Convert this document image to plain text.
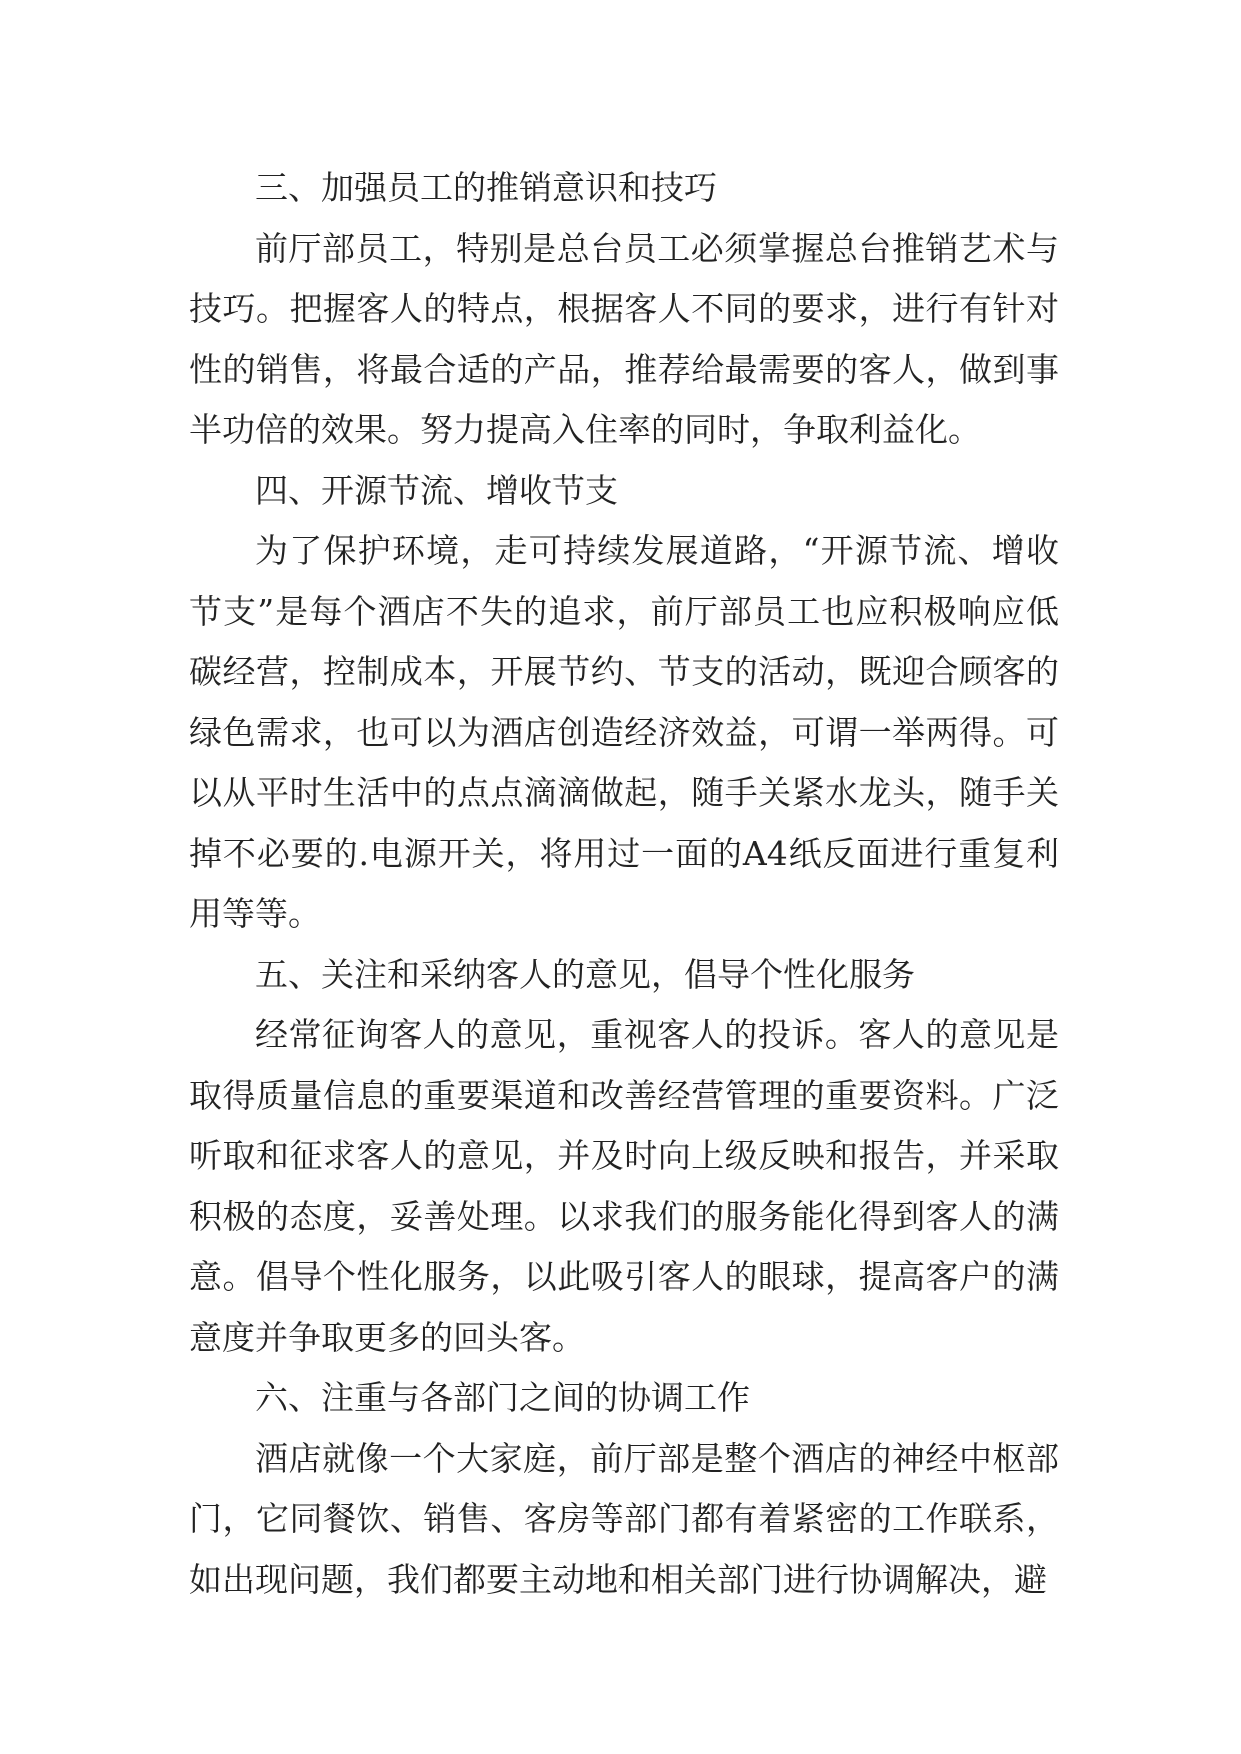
三、加强员工的推销意识和技巧

前厅部员工，特别是总台员工必须掌握总台推销艺术与技巧。把握客人的特点，根据客人不同的要求，进行有针对性的销售，将最合适的产品，推荐给最需要的客人，做到事半功倍的效果。努力提高入住率的同时，争取利益化。

四、开源节流、增收节支

为了保护环境，走可持续发展道路，“开源节流、增收节支”是每个酒店不失的追求，前厅部员工也应积极响应低碳经营，控制成本，开展节约、节支的活动，既迎合顾客的绿色需求，也可以为酒店创造经济效益，可谓一举两得。可以从平时生活中的点点滴滴做起，随手关紧水龙头，随手关掉不必要的.电源开关，将用过一面的A4纸反面进行重复利用等等。

五、关注和采纳客人的意见，倡导个性化服务

经常征询客人的意见，重视客人的投诉。客人的意见是取得质量信息的重要渠道和改善经营管理的重要资料。广泛听取和征求客人的意见，并及时向上级反映和报告，并采取积极的态度，妥善处理。以求我们的服务能化得到客人的满意。倡导个性化服务，以此吸引客人的眼球，提高客户的满意度并争取更多的回头客。

六、注重与各部门之间的协调工作

酒店就像一个大家庭，前厅部是整个酒店的神经中枢部门，它同餐饮、销售、客房等部门都有着紧密的工作联系，如出现问题，我们都要主动地和相关部门进行协调解决，避
